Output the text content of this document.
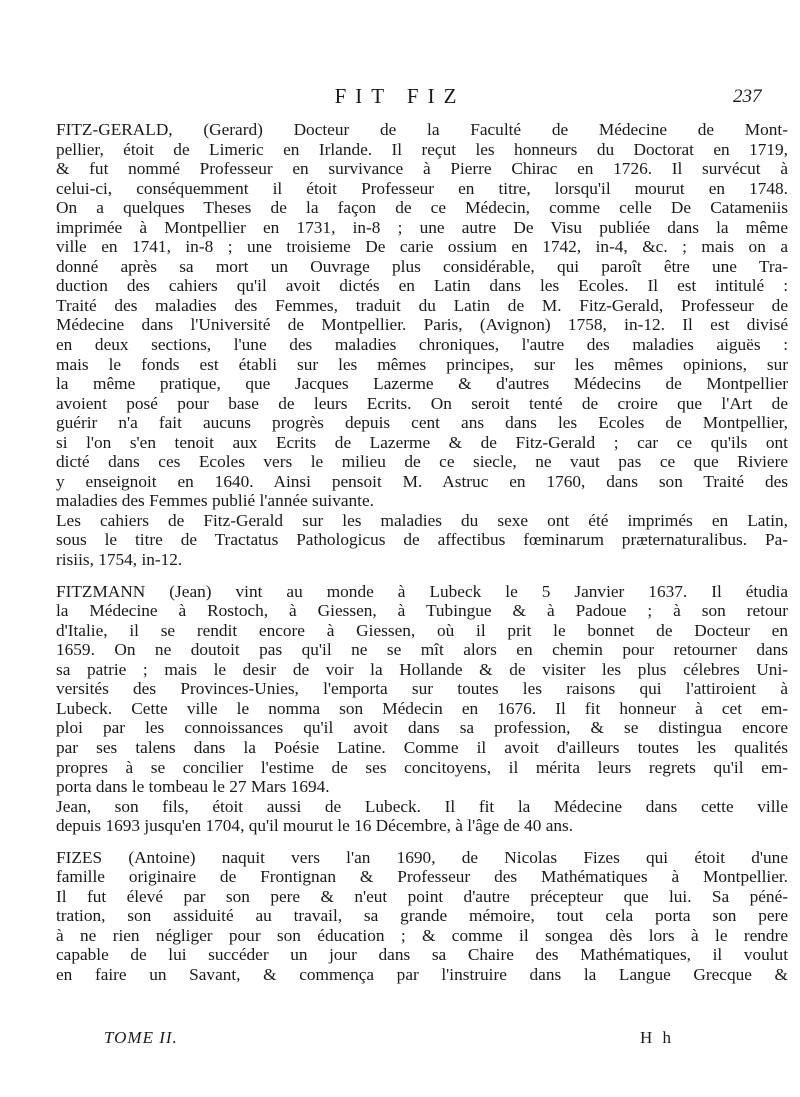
FIT FIZ	237

FITZ-GERALD, (Gerard) Docteur de la Faculté de Médecine de Mont-

pellier, étoit de Limeric en Irlande. Il reçut les honneurs du Doctorat en 1719,

& fut nommé Professeur en survivance à Pierre Chirac en 1726. Il survécut à

celui-ci, conséquemment il étoit Professeur en titre, lorsqu'il mourut en 1748.

On a quelques Theses de la façon de ce Médecin, comme celle De Catameniis

imprimée à Montpellier en 1731, in-8 ; une autre De Visu publiée dans la même

ville en 1741, in-8 ; une troisieme De carie ossium en 1742, in-4, &c. ; mais on a

donné après sa mort un Ouvrage plus considérable, qui paroît être une Tra-

duction des cahiers qu'il avoit dictés en Latin dans les Ecoles. Il est intitulé :

Traité des maladies des Femmes, traduit du Latin de M. Fitz-Gerald, Professeur de

Médecine dans l'Université de Montpellier. Paris, (Avignon) 1758, in-12. Il est divisé

en deux sections, l'une des maladies chroniques, l'autre des maladies aiguës :

mais le fonds est établi sur les mêmes principes, sur les mêmes opinions, sur

la même pratique, que Jacques Lazerme & d'autres Médecins de Montpellier

avoient posé pour base de leurs Ecrits. On seroit tenté de croire que l'Art de

guérir n'a fait aucuns progrès depuis cent ans dans les Ecoles de Montpellier,

si l'on s'en tenoit aux Ecrits de Lazerme & de Fitz-Gerald ; car ce qu'ils ont

dicté dans ces Ecoles vers le milieu de ce siecle, ne vaut pas ce que Riviere

y enseignoit en 1640. Ainsi pensoit M. Astruc en 1760, dans son Traité des

maladies des Femmes publié l'année suivante.

Les cahiers de Fitz-Gerald sur les maladies du sexe ont été imprimés en Latin,

sous le titre de Tractatus Pathologicus de affectibus fœminarum præternaturalibus. Pa-

risiis, 1754, in-12.

FITZMANN (Jean) vint au monde à Lubeck le 5 Janvier 1637. Il étudia

la Médecine à Rostoch, à Giessen, à Tubingue & à Padoue ; à son retour

d'Italie, il se rendit encore à Giessen, où il prit le bonnet de Docteur en

1659. On ne doutoit pas qu'il ne se mît alors en chemin pour retourner dans

sa patrie ; mais le desir de voir la Hollande & de visiter les plus célebres Uni-

versités des Provinces-Unies, l'emporta sur toutes les raisons qui l'attiroient à

Lubeck. Cette ville le nomma son Médecin en 1676. Il fit honneur à cet em-

ploi par les connoissances qu'il avoit dans sa profession, & se distingua encore

par ses talens dans la Poésie Latine. Comme il avoit d'ailleurs toutes les qualités

propres à se concilier l'estime de ses concitoyens, il mérita leurs regrets qu'il em-

porta dans le tombeau le 27 Mars 1694.

Jean, son fils, étoit aussi de Lubeck. Il fit la Médecine dans cette ville

depuis 1693 jusqu'en 1704, qu'il mourut le 16 Décembre, à l'âge de 40 ans.

FIZES (Antoine) naquit vers l'an 1690, de Nicolas Fizes qui étoit d'une

famille originaire de Frontignan & Professeur des Mathématiques à Montpellier.

Il fut élevé par son pere & n'eut point d'autre précepteur que lui. Sa péné-

tration, son assiduité au travail, sa grande mémoire, tout cela porta son pere

à ne rien négliger pour son éducation ; & comme il songea dès lors à le rendre

capable de lui succéder un jour dans sa Chaire des Mathématiques, il voulut

en faire un Savant, & commença par l'instruire dans la Langue Grecque &

TOME II.	H h
